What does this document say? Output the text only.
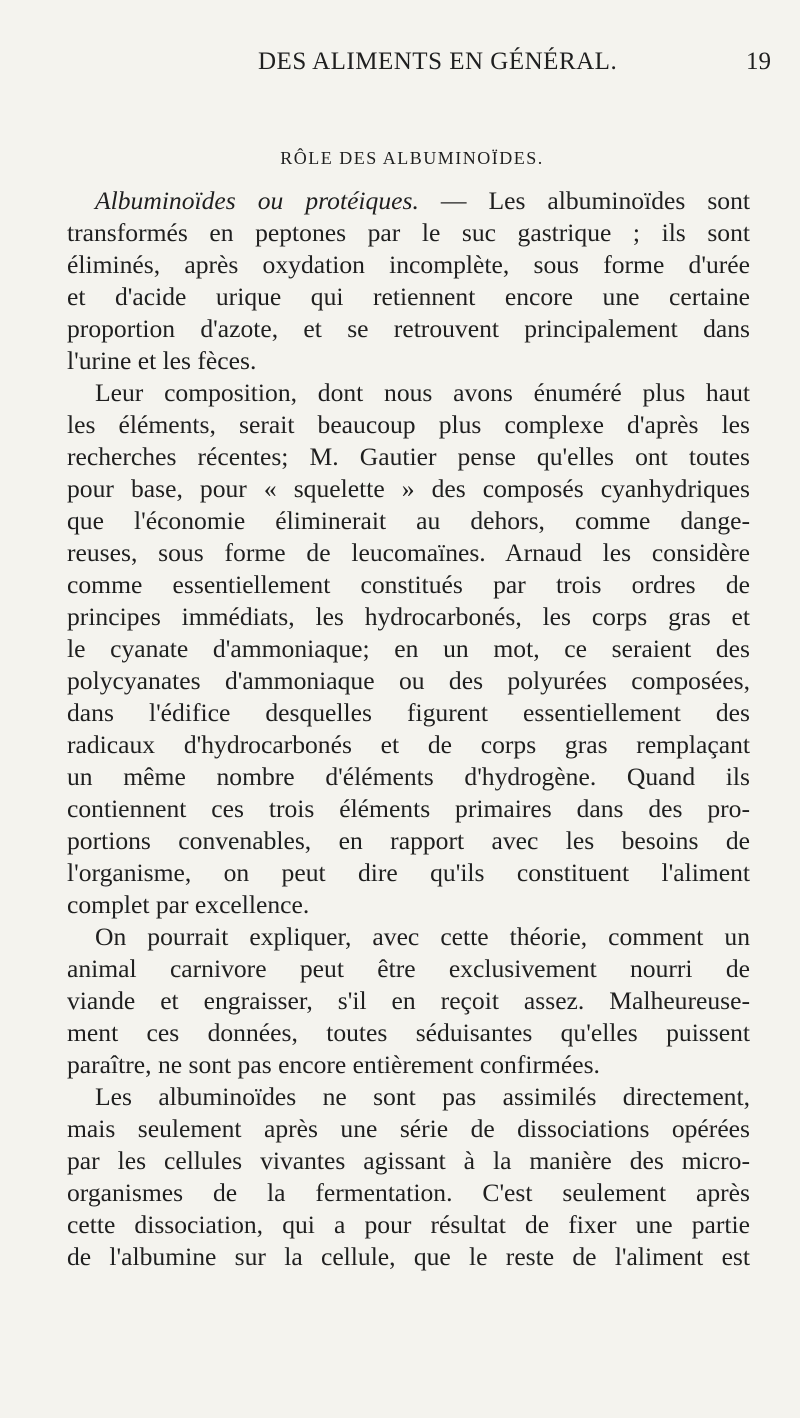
DES ALIMENTS EN GÉNÉRAL.	19
RÔLE DES ALBUMINOÏDES.
Albuminoïdes ou protéiques. — Les albuminoïdes sont
transformés en peptones par le suc gastrique ; ils sont
éliminés, après oxydation incomplète, sous forme d'urée
et d'acide urique qui retiennent encore une certaine
proportion d'azote, et se retrouvent principalement dans
l'urine et les fèces.
Leur composition, dont nous avons énuméré plus haut
les éléments, serait beaucoup plus complexe d'après les
recherches récentes; M. Gautier pense qu'elles ont toutes
pour base, pour « squelette » des composés cyanhydriques
que l'économie éliminerait au dehors, comme dange-
reuses, sous forme de leucomaïnes. Arnaud les considère
comme essentiellement constitués par trois ordres de
principes immédiats, les hydrocarbonés, les corps gras et
le cyanate d'ammoniaque; en un mot, ce seraient des
polycyanates d'ammoniaque ou des polyurées composées,
dans l'édifice desquelles figurent essentiellement des
radicaux d'hydrocarbonés et de corps gras remplaçant
un même nombre d'éléments d'hydrogène. Quand ils
contiennent ces trois éléments primaires dans des pro-
portions convenables, en rapport avec les besoins de
l'organisme, on peut dire qu'ils constituent l'aliment
complet par excellence.
On pourrait expliquer, avec cette théorie, comment un
animal carnivore peut être exclusivement nourri de
viande et engraisser, s'il en reçoit assez. Malheureuse-
ment ces données, toutes séduisantes qu'elles puissent
paraître, ne sont pas encore entièrement confirmées.
Les albuminoïdes ne sont pas assimilés directement,
mais seulement après une série de dissociations opérées
par les cellules vivantes agissant à la manière des micro-
organismes de la fermentation. C'est seulement après
cette dissociation, qui a pour résultat de fixer une partie
de l'albumine sur la cellule, que le reste de l'aliment est
